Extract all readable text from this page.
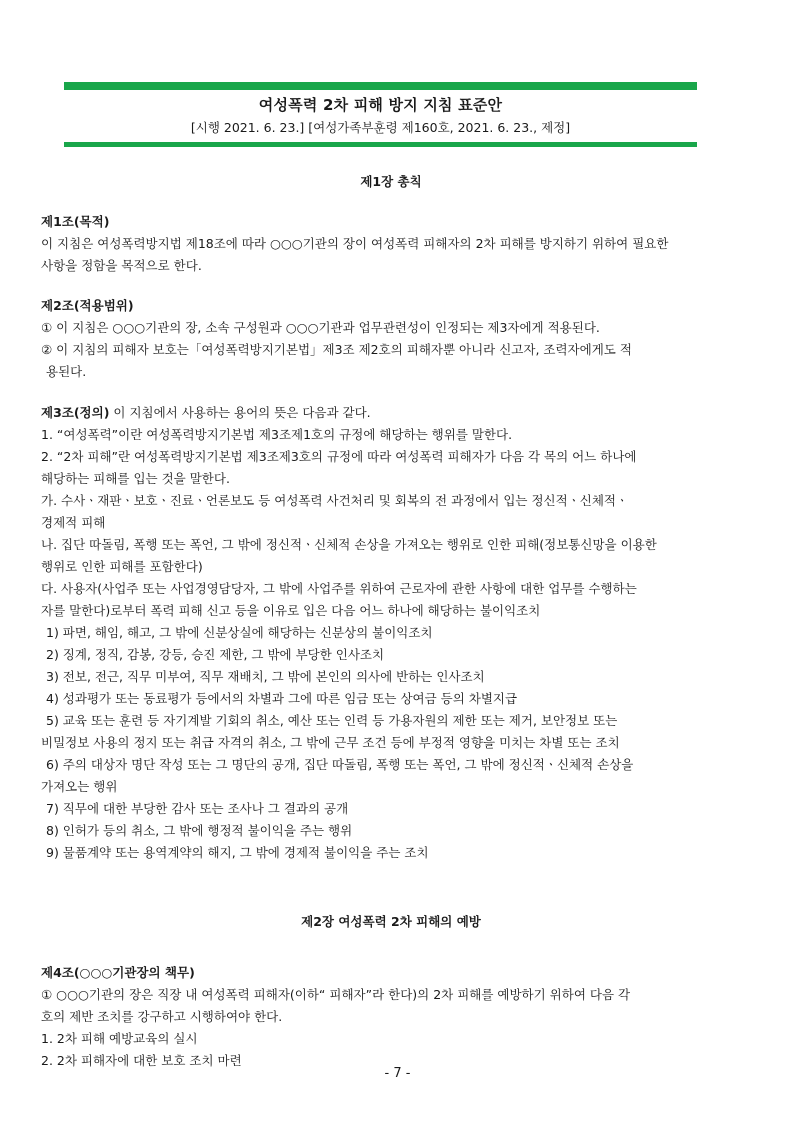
여성폭력 2차 피해 방지 지침 표준안
[시행 2021. 6. 23.] [여성가족부훈령 제160호, 2021. 6. 23., 제정]
제1장 총칙
제1조(목적)
이 지침은 여성폭력방지법 제18조에 따라 ○○○기관의 장이 여성폭력 피해자의 2차 피해를 방지하기 위하여 필요한
사항을 정함을 목적으로 한다.
제2조(적용범위)
① 이 지침은 ○○○기관의 장, 소속 구성원과 ○○○기관과 업무관련성이 인정되는 제3자에게 적용된다.
② 이 지침의 피해자 보호는「여성폭력방지기본법」제3조 제2호의 피해자뿐 아니라 신고자, 조력자에게도 적
용된다.
제3조(정의) 이 지침에서 사용하는 용어의 뜻은 다음과 같다.
1. “여성폭력”이란 여성폭력방지기본법 제3조제1호의 규정에 해당하는 행위를 말한다.
2. “2차 피해”란 여성폭력방지기본법 제3조제3호의 규정에 따라 여성폭력 피해자가 다음 각 목의 어느 하나에
해당하는 피해를 입는 것을 말한다.
가. 수사ㆍ재판ㆍ보호ㆍ진료ㆍ언론보도 등 여성폭력 사건처리 및 회복의 전 과정에서 입는 정신적ㆍ신체적ㆍ
경제적 피해
나. 집단 따돌림, 폭행 또는 폭언, 그 밖에 정신적ㆍ신체적 손상을 가져오는 행위로 인한 피해(정보통신망을 이용한
행위로 인한 피해를 포함한다)
다. 사용자(사업주 또는 사업경영담당자, 그 밖에 사업주를 위하여 근로자에 관한 사항에 대한 업무를 수행하는
자를 말한다)로부터 폭력 피해 신고 등을 이유로 입은 다음 어느 하나에 해당하는 불이익조치
1) 파면, 해임, 해고, 그 밖에 신분상실에 해당하는 신분상의 불이익조치
2) 징계, 정직, 감봉, 강등, 승진 제한, 그 밖에 부당한 인사조치
3) 전보, 전근, 직무 미부여, 직무 재배치, 그 밖에 본인의 의사에 반하는 인사조치
4) 성과평가 또는 동료평가 등에서의 차별과 그에 따른 임금 또는 상여금 등의 차별지급
5) 교육 또는 훈련 등 자기계발 기회의 취소, 예산 또는 인력 등 가용자원의 제한 또는 제거, 보안정보 또는
비밀정보 사용의 정지 또는 취급 자격의 취소, 그 밖에 근무 조건 등에 부정적 영향을 미치는 차별 또는 조치
6) 주의 대상자 명단 작성 또는 그 명단의 공개, 집단 따돌림, 폭행 또는 폭언, 그 밖에 정신적ㆍ신체적 손상을
가져오는 행위
7) 직무에 대한 부당한 감사 또는 조사나 그 결과의 공개
8) 인허가 등의 취소, 그 밖에 행정적 불이익을 주는 행위
9) 물품계약 또는 용역계약의 해지, 그 밖에 경제적 불이익을 주는 조치
제2장 여성폭력 2차 피해의 예방
제4조(○○○기관장의 책무)
① ○○○기관의 장은 직장 내 여성폭력 피해자(이하“ 피해자”라 한다)의 2차 피해를 예방하기 위하여 다음 각
호의 제반 조치를 강구하고 시행하여야 한다.
1. 2차 피해 예방교육의 실시
2. 2차 피해자에 대한 보호 조치 마련
- 7 -
